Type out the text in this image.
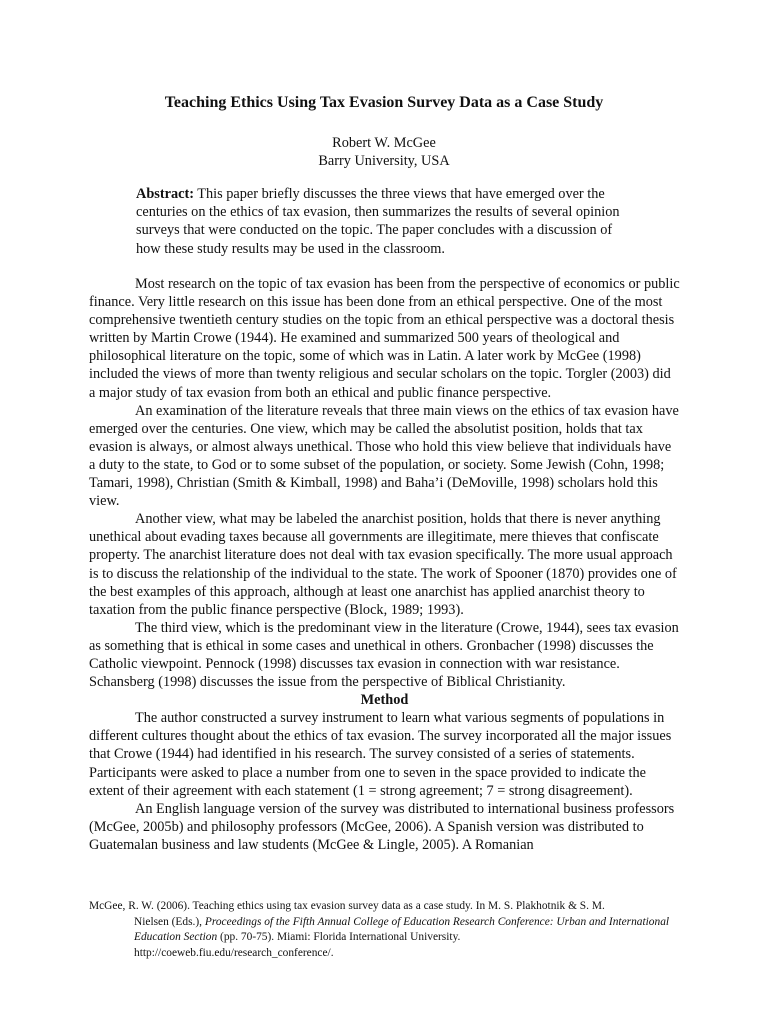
Teaching Ethics Using Tax Evasion Survey Data as a Case Study
Robert W. McGee
Barry University, USA
Abstract: This paper briefly discusses the three views that have emerged over the centuries on the ethics of tax evasion, then summarizes the results of several opinion surveys that were conducted on the topic. The paper concludes with a discussion of how these study results may be used in the classroom.

Most research on the topic of tax evasion has been from the perspective of economics or public finance. Very little research on this issue has been done from an ethical perspective. One of the most comprehensive twentieth century studies on the topic from an ethical perspective was a doctoral thesis written by Martin Crowe (1944). He examined and summarized 500 years of theological and philosophical literature on the topic, some of which was in Latin. A later work by McGee (1998) included the views of more than twenty religious and secular scholars on the topic. Torgler (2003) did a major study of tax evasion from both an ethical and public finance perspective.

An examination of the literature reveals that three main views on the ethics of tax evasion have emerged over the centuries. One view, which may be called the absolutist position, holds that tax evasion is always, or almost always unethical. Those who hold this view believe that individuals have a duty to the state, to God or to some subset of the population, or society. Some Jewish (Cohn, 1998; Tamari, 1998), Christian (Smith & Kimball, 1998) and Baha’i (DeMoville, 1998) scholars hold this view.

Another view, what may be labeled the anarchist position, holds that there is never anything unethical about evading taxes because all governments are illegitimate, mere thieves that confiscate property. The anarchist literature does not deal with tax evasion specifically. The more usual approach is to discuss the relationship of the individual to the state. The work of Spooner (1870) provides one of the best examples of this approach, although at least one anarchist has applied anarchist theory to taxation from the public finance perspective (Block, 1989; 1993).

The third view, which is the predominant view in the literature (Crowe, 1944), sees tax evasion as something that is ethical in some cases and unethical in others. Gronbacher (1998) discusses the Catholic viewpoint. Pennock (1998) discusses tax evasion in connection with war resistance. Schansberg (1998) discusses the issue from the perspective of Biblical Christianity.

Method

The author constructed a survey instrument to learn what various segments of populations in different cultures thought about the ethics of tax evasion. The survey incorporated all the major issues that Crowe (1944) had identified in his research. The survey consisted of a series of statements. Participants were asked to place a number from one to seven in the space provided to indicate the extent of their agreement with each statement (1 = strong agreement; 7 = strong disagreement).

An English language version of the survey was distributed to international business professors (McGee, 2005b) and philosophy professors (McGee, 2006). A Spanish version was distributed to Guatemalan business and law students (McGee & Lingle, 2005). A Romanian

McGee, R. W. (2006). Teaching ethics using tax evasion survey data as a case study. In M. S. Plakhotnik & S. M.
Nielsen (Eds.), Proceedings of the Fifth Annual College of Education Research Conference: Urban and International Education Section (pp. 70-75). Miami: Florida International University.
http://coeweb.fiu.edu/research_conference/.
